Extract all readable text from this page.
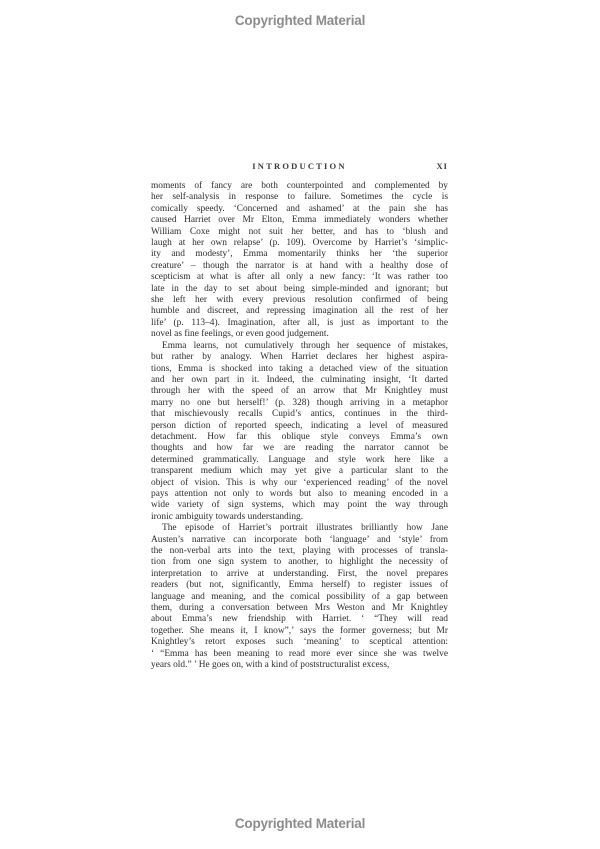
Copyrighted Material
INTRODUCTION	XI
moments of fancy are both counterpointed and complemented by
her self-analysis in response to failure. Sometimes the cycle is
comically speedy. ‘Concerned and ashamed’ at the pain she has
caused Harriet over Mr Elton, Emma immediately wonders whether
William Coxe might not suit her better, and has to ‘blush and
laugh at her own relapse’ (p. 109). Overcome by Harriet’s ‘simplic-
ity and modesty’, Emma momentarily thinks her ‘the superior
creature’ – though the narrator is at hand with a healthy dose of
scepticism at what is after all only a new fancy: ‘It was rather too
late in the day to set about being simple-minded and ignorant; but
she left her with every previous resolution confirmed of being
humble and discreet, and repressing imagination all the rest of her
life’ (p. 113–4). Imagination, after all, is just as important to the
novel as fine feelings, or even good judgement.
Emma learns, not cumulatively through her sequence of mistakes,
but rather by analogy. When Harriet declares her highest aspira-
tions, Emma is shocked into taking a detached view of the situation
and her own part in it. Indeed, the culminating insight, ‘It darted
through her with the speed of an arrow that Mr Knightley must
marry no one but herself!’ (p. 328) though arriving in a metaphor
that mischievously recalls Cupid’s antics, continues in the third-
person diction of reported speech, indicating a level of measured
detachment. How far this oblique style conveys Emma’s own
thoughts and how far we are reading the narrator cannot be
determined grammatically. Language and style work here like a
transparent medium which may yet give a particular slant to the
object of vision. This is why our ‘experienced reading’ of the novel
pays attention not only to words but also to meaning encoded in a
wide variety of sign systems, which may point the way through
ironic ambiguity towards understanding.
The episode of Harriet’s portrait illustrates brilliantly how Jane
Austen’s narrative can incorporate both ‘language’ and ‘style’ from
the non-verbal arts into the text, playing with processes of transla-
tion from one sign system to another, to highlight the necessity of
interpretation to arrive at understanding. First, the novel prepares
readers (but not, significantly, Emma herself) to register issues of
language and meaning, and the comical possibility of a gap between
them, during a conversation between Mrs Weston and Mr Knightley
about Emma’s new friendship with Harriet. ‘ “They will read
together. She means it, I know”,’ says the former governess; but Mr
Knightley’s retort exposes such ‘meaning’ to sceptical attention:
‘ “Emma has been meaning to read more ever since she was twelve
years old.” ’ He goes on, with a kind of poststructuralist excess,
Copyrighted Material
